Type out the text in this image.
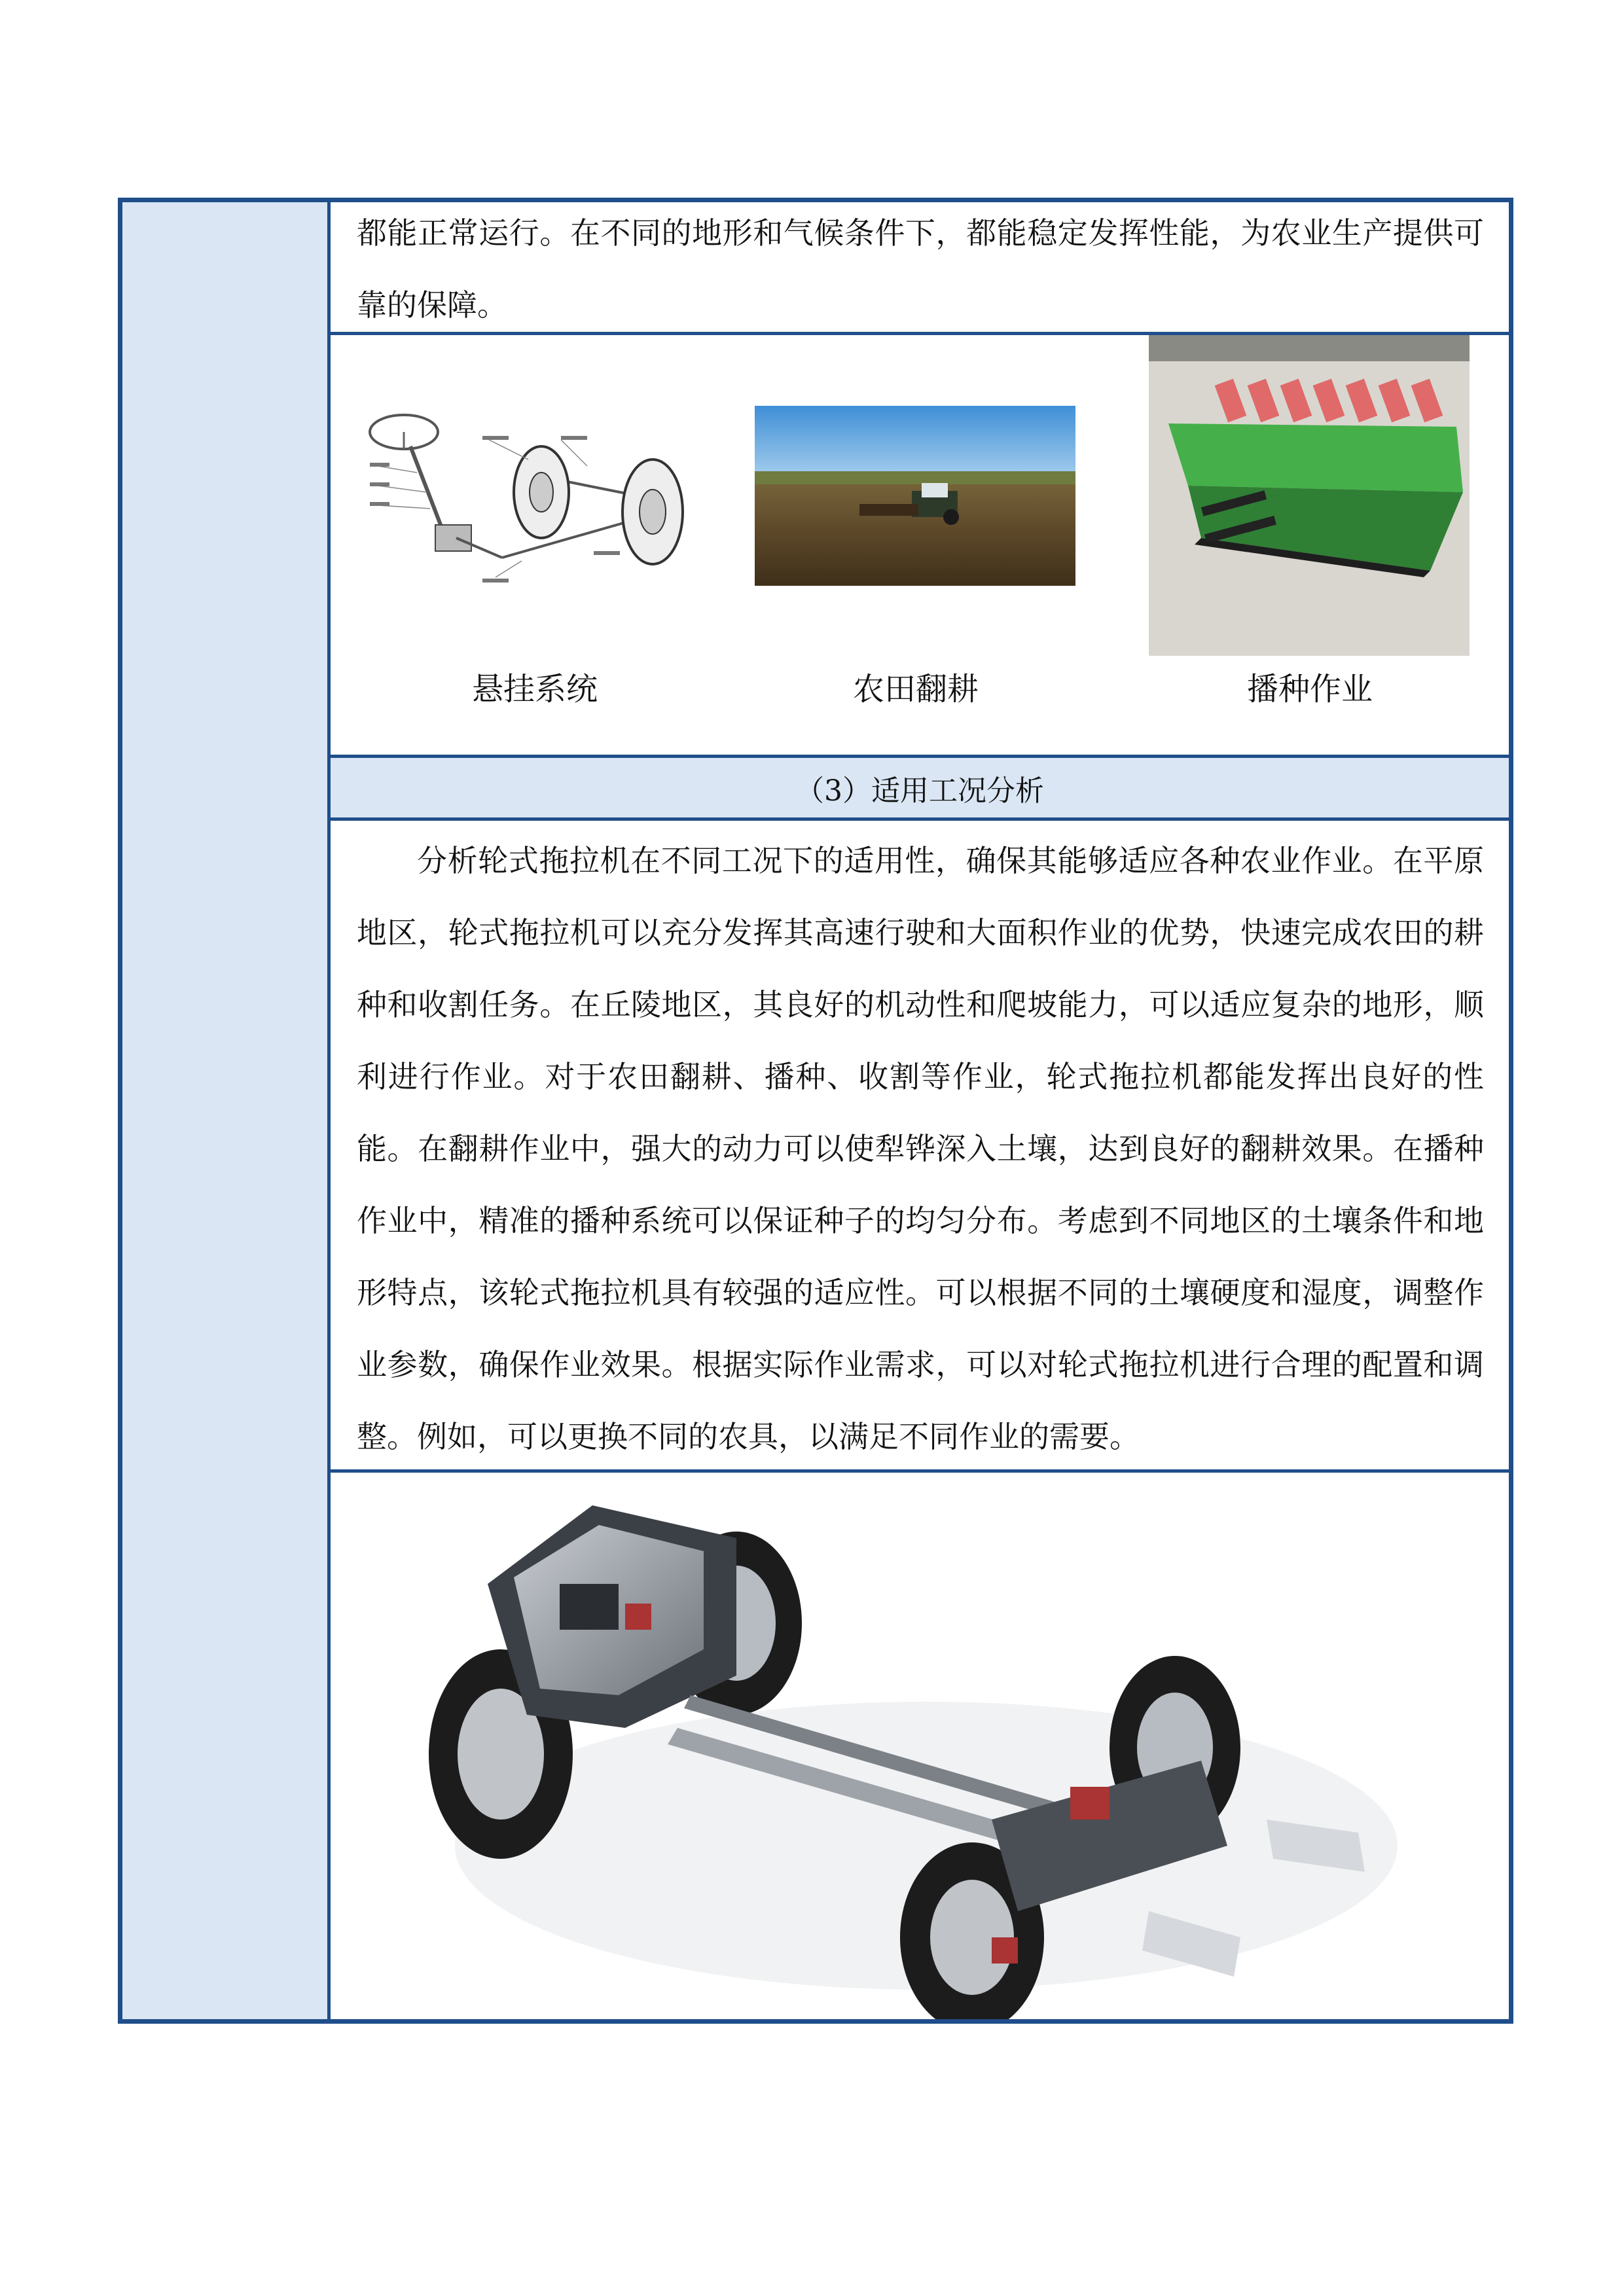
都能正常运行。在不同的地形和气候条件下，都能稳定发挥性能，为农业生产提供可靠的保障。

悬挂系统	农田翻耕	播种作业
（3）适用工况分析

分析轮式拖拉机在不同工况下的适用性，确保其能够适应各种农业作业。在平原地区，轮式拖拉机可以充分发挥其高速行驶和大面积作业的优势，快速完成农田的耕种和收割任务。在丘陵地区，其良好的机动性和爬坡能力，可以适应复杂的地形，顺利进行作业。对于农田翻耕、播种、收割等作业，轮式拖拉机都能发挥出良好的性能。在翻耕作业中，强大的动力可以使犁铧深入土壤，达到良好的翻耕效果。在播种作业中，精准的播种系统可以保证种子的均匀分布。考虑到不同地区的土壤条件和地形特点，该轮式拖拉机具有较强的适应性。可以根据不同的土壤硬度和湿度，调整作业参数，确保作业效果。根据实际作业需求，可以对轮式拖拉机进行合理的配置和调整。例如，可以更换不同的农具，以满足不同作业的需要。
